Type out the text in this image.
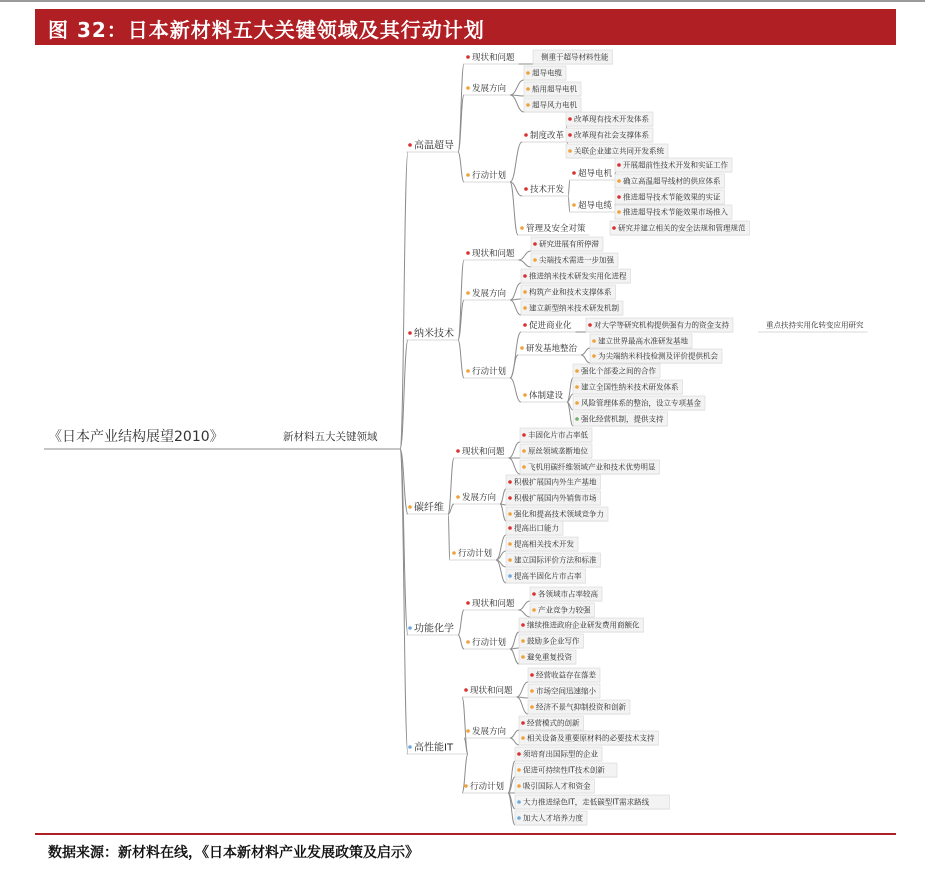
图 32：日本新材料五大关键领域及其行动计划
《日本产业结构展望2010》	新材料五大关键领域
高温超导
纳米技术
碳纤维
功能化学
高性能IT
现状和问题	侧重于超导材料性能
发展方向
超导电缆
船用超导电机
超导风力电机
行动计划
制度改革
改革现有技术开发体系
改革现有社会支撑体系
关联企业建立共同开发系统
技术开发
超导电机
开展超前性技术开发和实证工作
确立高温超导线材的供应体系
超导电缆
推进超导技术节能效果的实证
推进超导技术节能效果市场推入
管理及安全对策	研究并建立相关的安全法规和管理规范
现状和问题
研究进展有所停滞
尖端技术需进一步加强
发展方向
推进纳米技术研发实用化进程
构筑产业和技术支撑体系
建立新型纳米技术研发机制
行动计划
促进商业化	对大学等研究机构提供强有力的资金支持	重点扶持实用化转变应用研究
研发基地整治
建立世界最高水准研发基地
为尖端纳米科技检测及评价提供机会
体制建设
强化个部委之间的合作
建立全国性纳米技术研发体系
风险管理体系的整治，设立专项基金
强化经营机制，提供支持
现状和问题
丰固化片市占率低
原丝领域垄断地位
飞机用碳纤维领域产业和技术优势明显
发展方向
积极扩展国内外生产基地
积极扩展国内外销售市场
强化和提高技术领域竞争力
行动计划
提高出口能力
提高相关技术开发
建立国际评价方法和标准
提高半固化片市占率
现状和问题
各领域市占率较高
产业竞争力较强
行动计划
继续推进政府企业研发费用商额化
鼓励多企业写作
避免重复投资
现状和问题
经营收益存在落差
市场空间迅速缩小
经济不景气抑制投资和创新
发展方向
经营模式的创新
相关设备及重要原材料的必要技术支持
行动计划
须培育出国际型的企业
促进可持续性IT技术创新
吸引国际人才和资金
大力推进绿色IT，走低碳型IT需求路线
加大人才培养力度
数据来源：新材料在线，《日本新材料产业发展政策及启示》
